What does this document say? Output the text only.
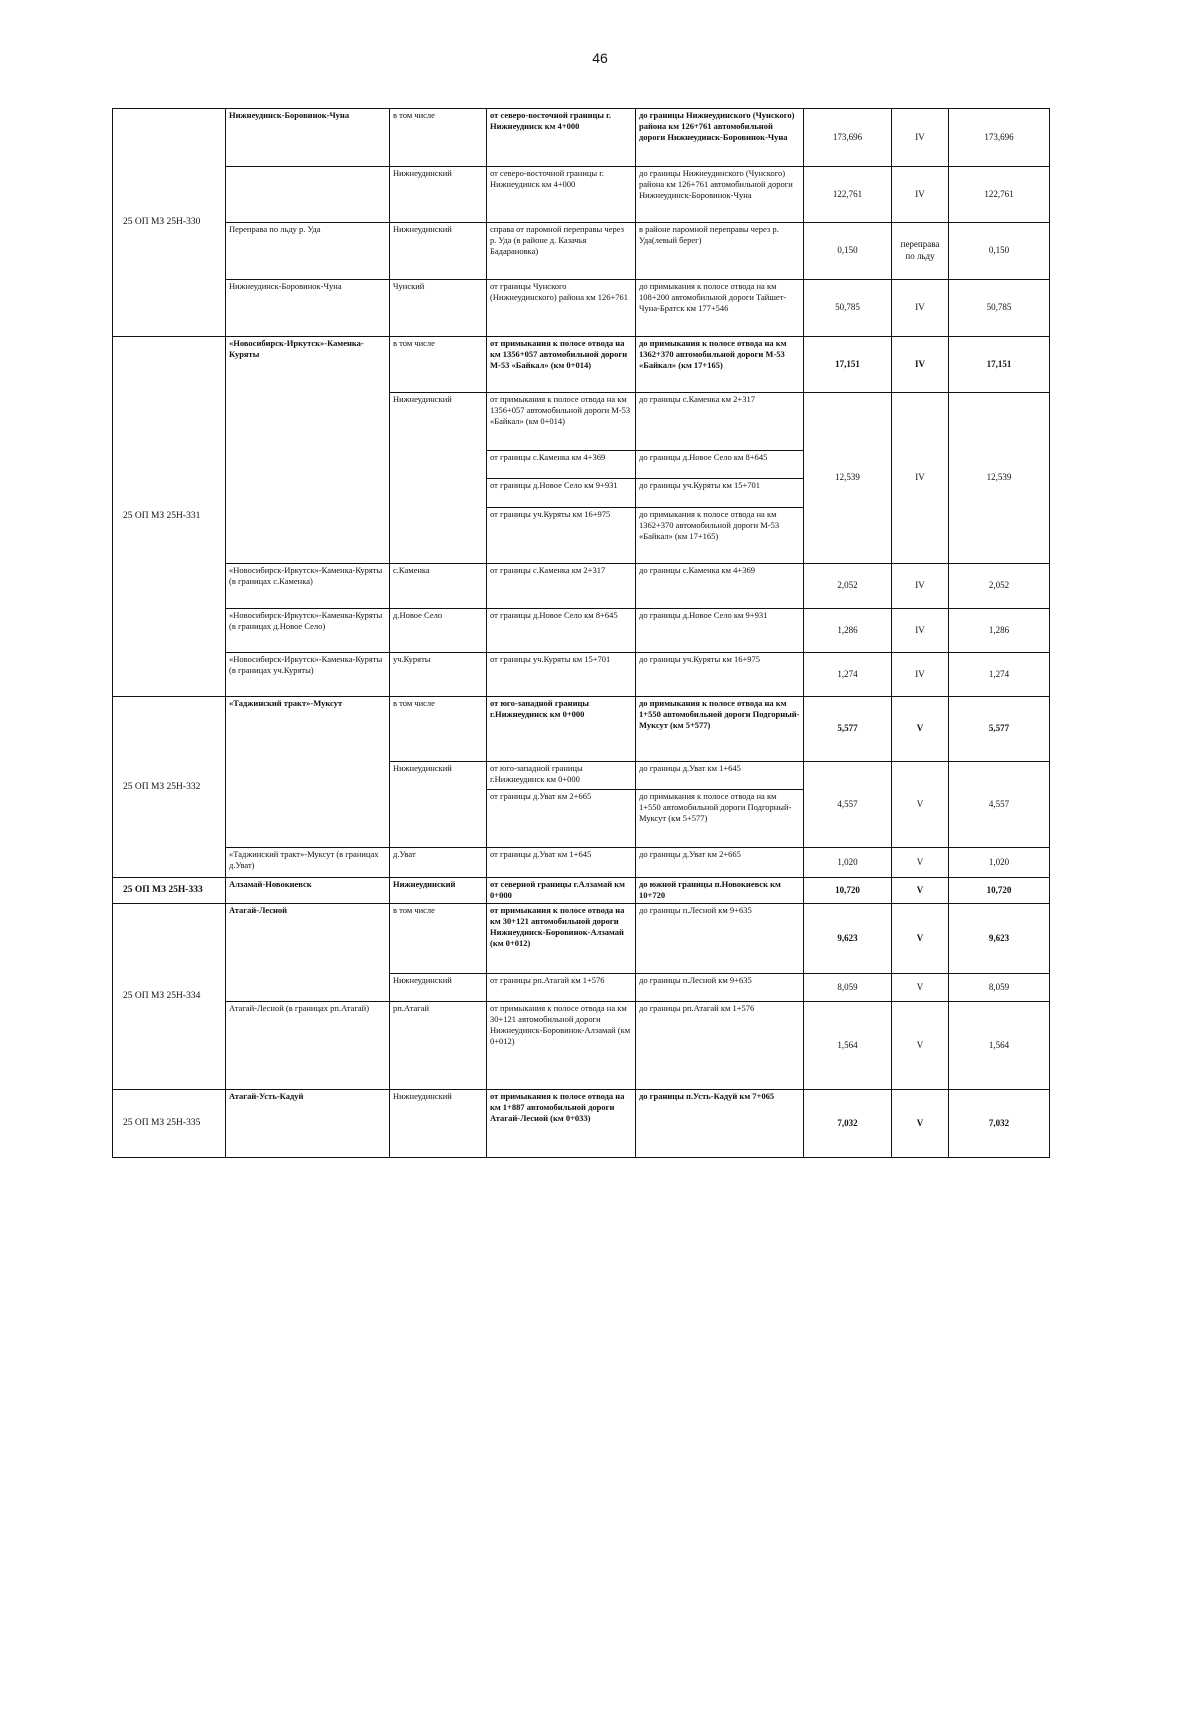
46
25 ОП МЗ 25Н-330	Нижнеудинск-Боровинок-Чуна	в том числе	от северо-восточной границы г. Нижнеудинск км 4+000	до границы Нижнеудинского (Чунского) района км 126+761 автомобильной дороги Нижнеудинск-Боровинок-Чуна	173,696	IV	173,696
		Нижнеудинский	от северо-восточной границы г. Нижнеудинск км 4+000	до границы Нижнеудинского (Чунского) района км 126+761 автомобильной дороги Нижнеудинск-Боровинок-Чуна	122,761	IV	122,761
	Переправа по льду р. Уда	Нижнеудинский	справа от паромной переправы через р. Уда (в районе д. Казачья Бадарановка)	в районе паромной переправы через р. Уда(левый берег)	0,150	переправа по льду	0,150
	Нижнеудинск-Боровинок-Чуна	Чунский	от границы Чунского (Нижнеудинского) района км 126+761	до примыкания к полосе отвода на км 108+200 автомобильной дороги Тайшет-Чуна-Братск км 177+546	50,785	IV	50,785
25 ОП МЗ 25Н-331	«Новосибирск-Иркутск»-Каменка-Куряты	в том числе	от примыкания к полосе отвода на км 1356+057 автомобильной дороги М-53 «Байкал» (км 0+014)	до примыкания к полосе отвода на км 1362+370 автомобильной дороги М-53 «Байкал» (км 17+165)	17,151	IV	17,151
		Нижнеудинский	от примыкания к полосе отвода на км 1356+057 автомобильной дороги М-53 «Байкал» (км 0+014)	до границы с.Каменка км 2+317	12,539	IV	12,539
			от границы с.Каменка км 4+369	до границы д.Новое Село км 8+645			
			от границы д.Новое Село км 9+931	до границы уч.Куряты км 15+701			
			от границы уч.Куряты км 16+975	до примыкания к полосе отвода на км 1362+370 автомобильной дороги М-53 «Байкал» (км 17+165)			
	«Новосибирск-Иркутск»-Каменка-Куряты (в границах с.Каменка)	с.Каменка	от границы с.Каменка км 2+317	до границы с.Каменка км 4+369	2,052	IV	2,052
	«Новосибирск-Иркутск»-Каменка-Куряты (в границах д.Новое Село)	д.Новое Село	от границы д.Новое Село км 8+645	до границы д.Новое Село км 9+931	1,286	IV	1,286
	«Новосибирск-Иркутск»-Каменка-Куряты (в границах уч.Куряты)	уч.Куряты	от границы уч.Куряты км 15+701	до границы уч.Куряты км 16+975	1,274	IV	1,274
25 ОП МЗ 25Н-332	«Таджинский тракт»-Муксут	в том числе	от юго-западной границы г.Нижнеудинск км 0+000	до примыкания к полосе отвода на км 1+550 автомобильной дороги Подгорный-Муксут (км 5+577)	5,577	V	5,577
		Нижнеудинский	от юго-западной границы г.Нижнеудинск км 0+000	до границы д.Уват км 1+645	4,557	V	4,557
			от границы д.Уват км 2+665	до примыкания к полосе отвода на км 1+550 автомобильной дороги Подгорный-Муксут (км 5+577)			
	«Таджинский тракт»-Муксут (в границах д.Уват)	д.Уват	от границы д.Уват км 1+645	до границы д.Уват км 2+665	1,020	V	1,020
25 ОП МЗ 25Н-333	Алзамай-Новокиевск	Нижнеудинский	от северной границы г.Алзамай км 0+000	до южной границы п.Новокиевск км 10+720	10,720	V	10,720
25 ОП МЗ 25Н-334	Атагай-Лесной	в том числе	от примыкания к полосе отвода на км 30+121 автомобильной дороги Нижнеудинск-Боровинок-Алзамай (км 0+012)	до границы п.Лесной км 9+635	9,623	V	9,623
		Нижнеудинский	от границы рп.Атагай км 1+576	до границы п.Лесной км 9+635	8,059	V	8,059
	Атагай-Лесной (в границах рп.Атагай)	рп.Атагай	от примыкания к полосе отвода на км 30+121 автомобильной дороги Нижнеудинск-Боровинок-Алзамай (км 0+012)	до границы рп.Атагай км 1+576	1,564	V	1,564
25 ОП МЗ 25Н-335	Атагай-Усть-Кадуй	Нижнеудинский	от примыкания к полосе отвода на км 1+887 автомобильной дороги Атагай-Лесной (км 0+033)	до границы п.Усть-Кадуй км 7+065	7,032	V	7,032
